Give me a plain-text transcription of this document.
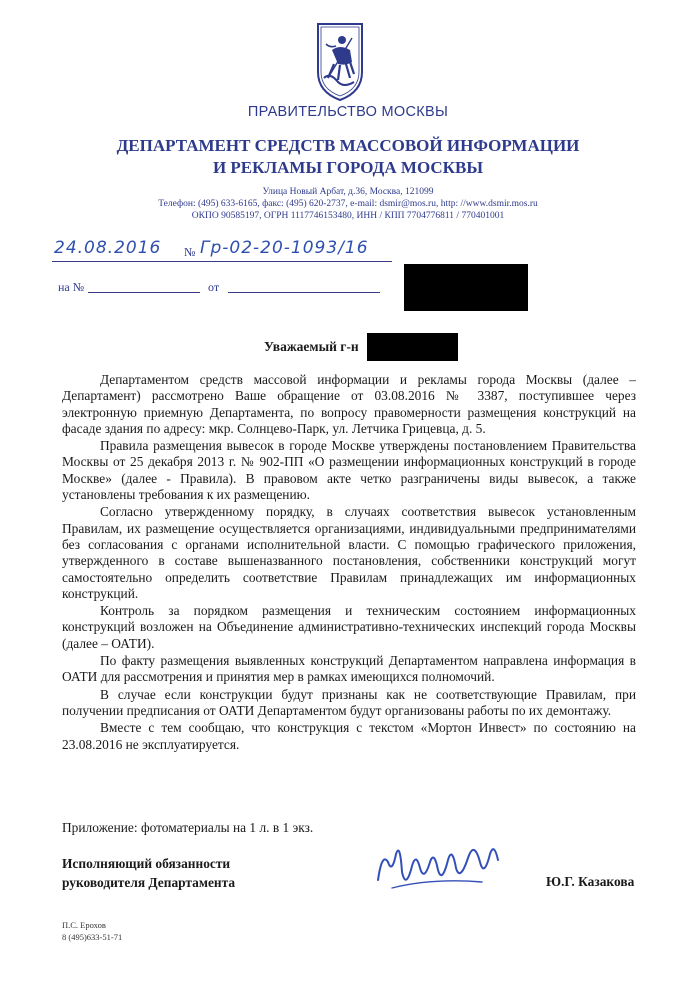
ПРАВИТЕЛЬСТВО МОСКВЫ
ДЕПАРТАМЕНТ СРЕДСТВ МАССОВОЙ ИНФОРМАЦИИ
И РЕКЛАМЫ ГОРОДА МОСКВЫ
Улица Новый Арбат, д.36, Москва, 121099
Телефон: (495) 633-6165, факс: (495) 620-2737, e-mail: dsmir@mos.ru, http: //www.dsmir.mos.ru
ОКПО 90585197, ОГРН 1117746153480, ИНН / КПП 7704776811 / 770401001
24.08.2016 № Гр-02-20-1093/16
на №	от
Уважаемый г-н

Департаментом средств массовой информации и рекламы города Москвы (далее – Департамент) рассмотрено Ваше обращение от 03.08.2016 № 3387, поступившее через электронную приемную Департамента, по вопросу правомерности размещения конструкций на фасаде здания по адресу: мкр. Солнцево-Парк, ул. Летчика Грицевца, д. 5.

Правила размещения вывесок в городе Москве утверждены постановлением Правительства Москвы от 25 декабря 2013 г. № 902-ПП «О размещении информационных конструкций в городе Москве» (далее - Правила). В правовом акте четко разграничены виды вывесок, а также установлены требования к их размещению.

Согласно утвержденному порядку, в случаях соответствия вывесок установленным Правилам, их размещение осуществляется организациями, индивидуальными предпринимателями без согласования с органами исполнительной власти. С помощью графического приложения, утвержденного в составе вышеназванного постановления, собственники конструкций могут самостоятельно определить соответствие Правилам принадлежащих им информационных конструкций.

Контроль за порядком размещения и техническим состоянием информационных конструкций возложен на Объединение административно-технических инспекций города Москвы (далее – ОАТИ).

По факту размещения выявленных конструкций Департаментом направлена информация в ОАТИ для рассмотрения и принятия мер в рамках имеющихся полномочий.

В случае если конструкции будут признаны как не соответствующие Правилам, при получении предписания от ОАТИ Департаментом будут организованы работы по их демонтажу.

Вместе с тем сообщаю, что конструкция с текстом «Мортон Инвест» по состоянию на 23.08.2016 не эксплуатируется.

Приложение: фотоматериалы на 1 л. в 1 экз.
Исполняющий обязанности
руководителя Департамента	Ю.Г. Казакова
П.С. Ерохов
8 (495)633-51-71
